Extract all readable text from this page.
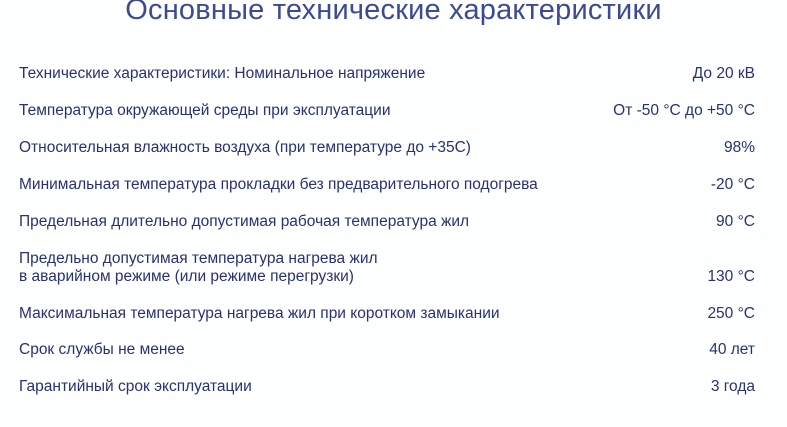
Основные технические характеристики
Технические характеристики: Номинальное напряжение	До 20 кВ
Температура окружающей среды при эксплуатации	От -50 °С до +50 °С
Относительная влажность воздуха (при температуре до +35С)	98%
Минимальная температура прокладки без предварительного подогрева	-20 °С
Предельная длительно допустимая рабочая температура жил	90 °С
Предельно допустимая температура нагрева жил
в аварийном режиме (или режиме перегрузки)	130 °С
Максимальная температура нагрева жил при коротком замыкании	250 °С
Срок службы не менее	40 лет
Гарантийный срок эксплуатации	3 года
